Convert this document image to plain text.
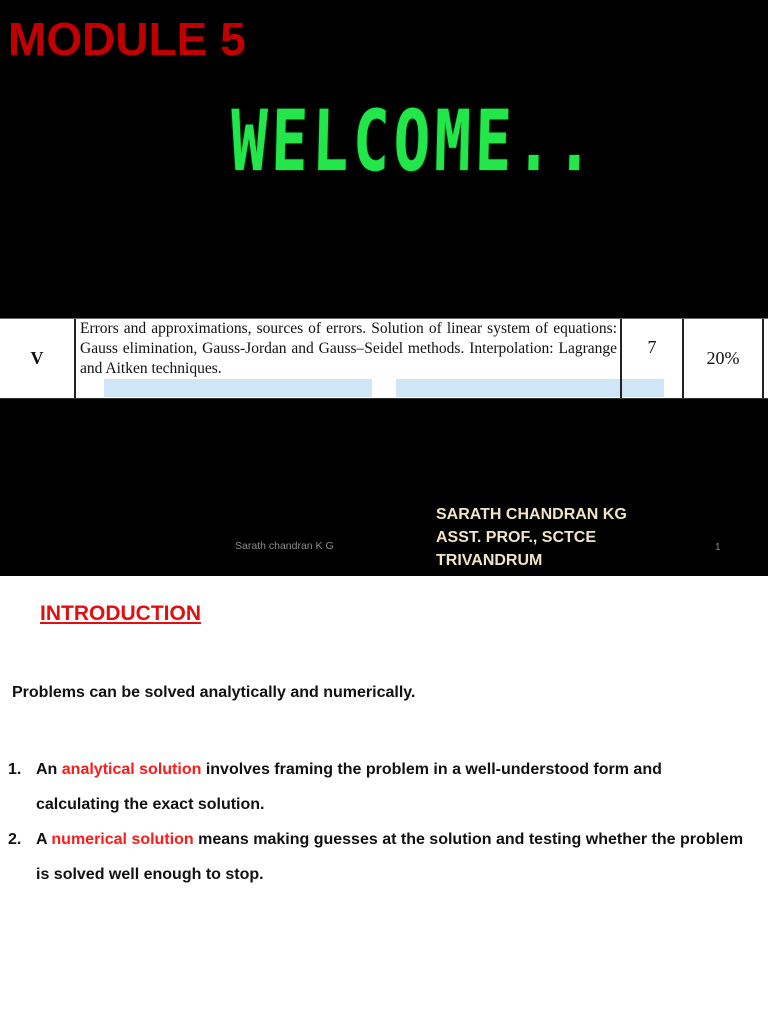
MODULE 5
WELCOME..
V
Errors and approximations, sources of errors. Solution of linear system of equations: Gauss elimination, Gauss-Jordan and Gauss–Seidel methods. Interpolation: Lagrange and Aitken techniques.
7
20%
Sarath chandran K G
SARATH CHANDRAN KG
ASST. PROF., SCTCE
TRIVANDRUM
1
INTRODUCTION
Problems can be solved analytically and numerically.
1. An analytical solution involves framing the problem in a well-understood form and calculating the exact solution.
2. A numerical solution means making guesses at the solution and testing whether the problem is solved well enough to stop.
